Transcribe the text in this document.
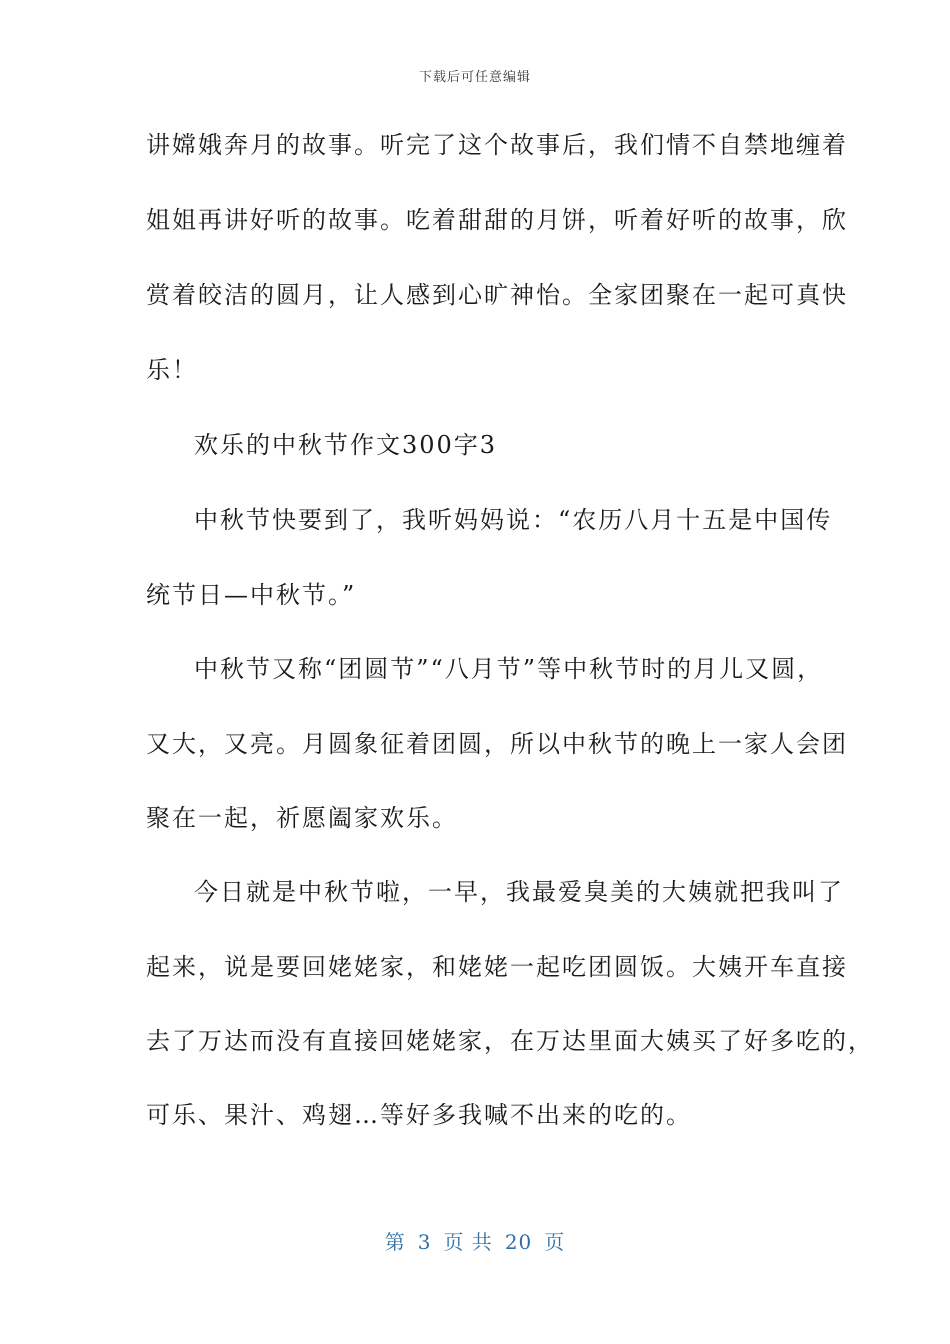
下载后可任意编辑
讲嫦娥奔月的故事。听完了这个故事后，我们情不自禁地缠着
姐姐再讲好听的故事。吃着甜甜的月饼，听着好听的故事，欣
赏着皎洁的圆月，让人感到心旷神怡。全家团聚在一起可真快
乐！
欢乐的中秋节作文300字3
中秋节快要到了，我听妈妈说：“农历八月十五是中国传
统节日—中秋节。”
中秋节又称“团圆节”“八月节”等中秋节时的月儿又圆，
又大，又亮。月圆象征着团圆，所以中秋节的晚上一家人会团
聚在一起，祈愿阖家欢乐。
今日就是中秋节啦，一早，我最爱臭美的大姨就把我叫了
起来，说是要回姥姥家，和姥姥一起吃团圆饭。大姨开车直接
去了万达而没有直接回姥姥家，在万达里面大姨买了好多吃的，
可乐、果汁、鸡翅…等好多我喊不出来的吃的。
第 3 页 共 20 页
